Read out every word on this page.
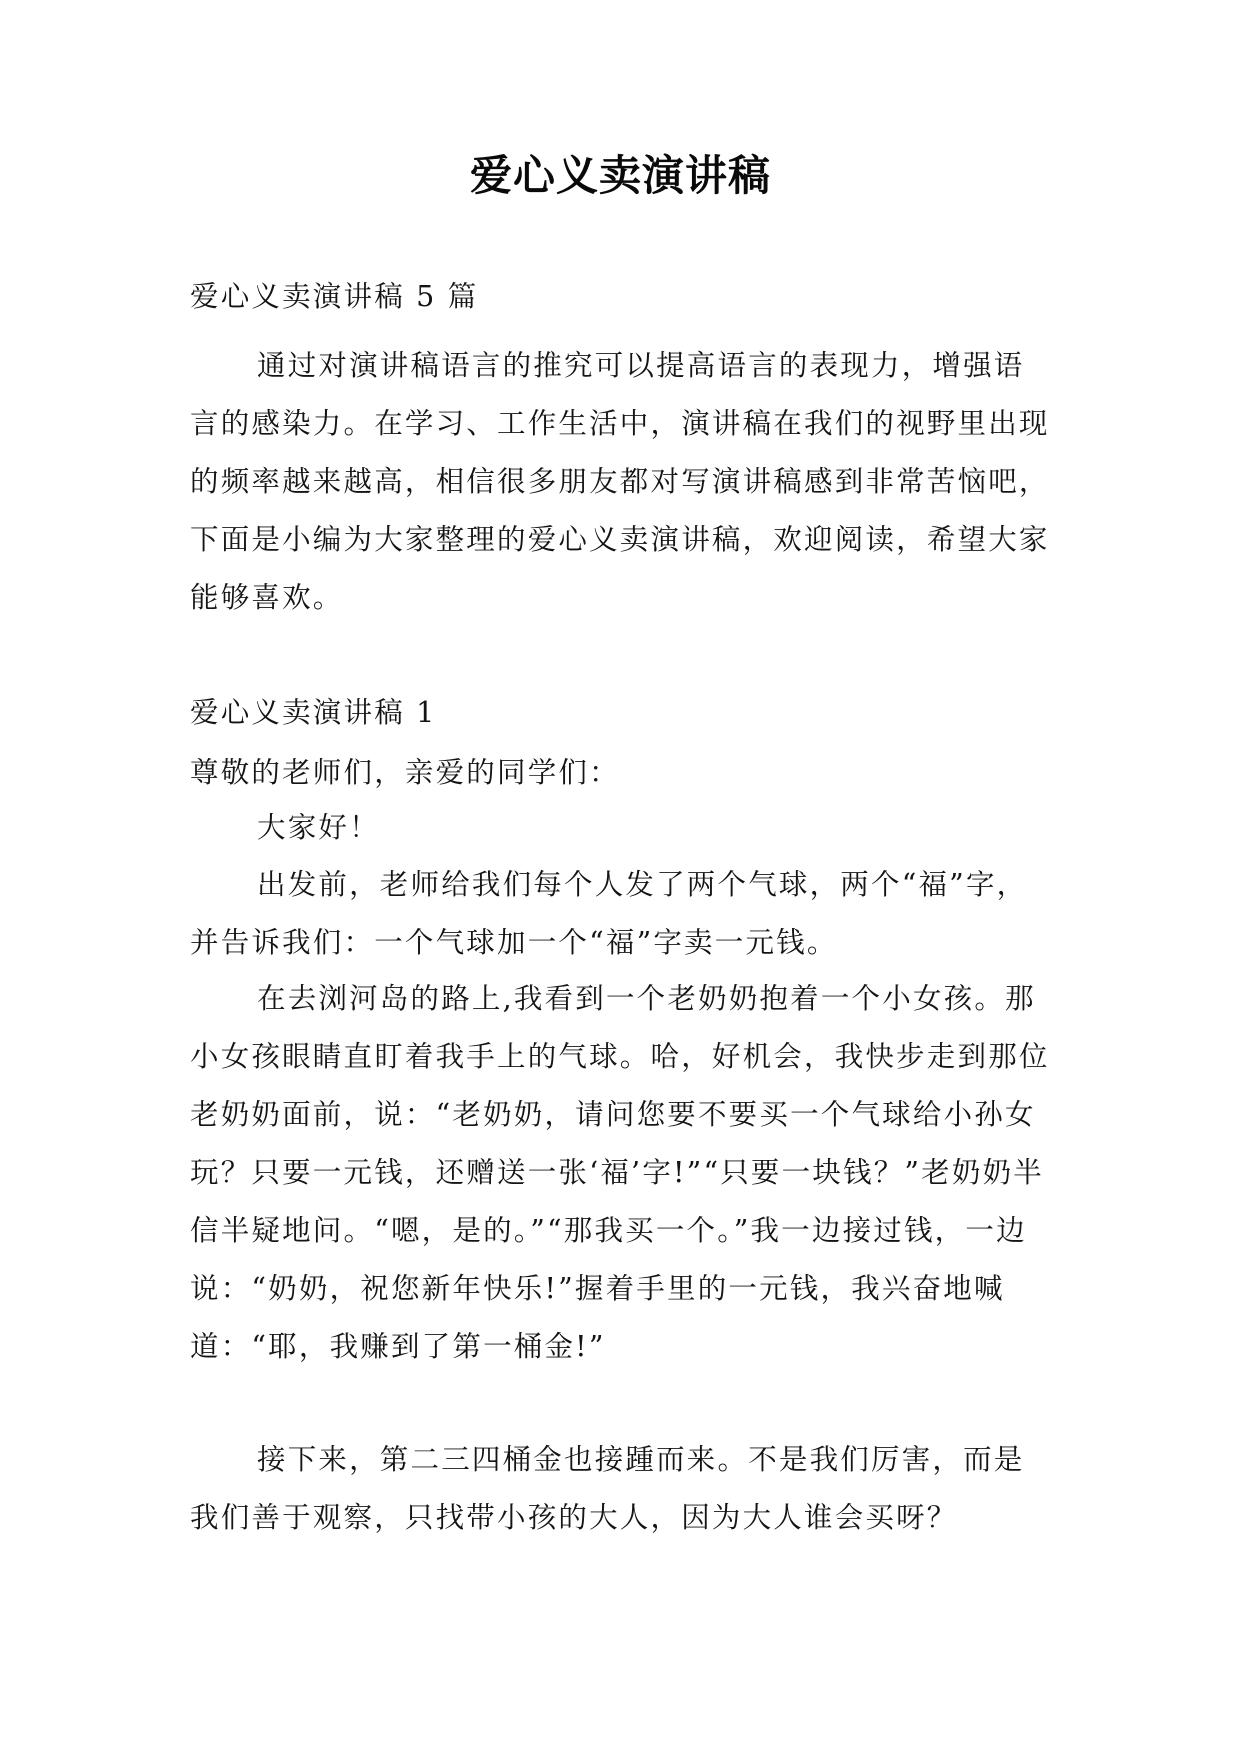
爱心义卖演讲稿
爱心义卖演讲稿 5 篇
通过对演讲稿语言的推究可以提高语言的表现力，增强语言的感染力。在学习、工作生活中，演讲稿在我们的视野里出现的频率越来越高，相信很多朋友都对写演讲稿感到非常苦恼吧，下面是小编为大家整理的爱心义卖演讲稿，欢迎阅读，希望大家能够喜欢。
爱心义卖演讲稿 1
尊敬的老师们，亲爱的同学们：
大家好！
出发前，老师给我们每个人发了两个气球，两个“福”字，并告诉我们：一个气球加一个“福”字卖一元钱。
在去浏河岛的路上,我看到一个老奶奶抱着一个小女孩。那小女孩眼睛直盯着我手上的气球。哈，好机会，我快步走到那位老奶奶面前，说：“老奶奶，请问您要不要买一个气球给小孙女玩？只要一元钱，还赠送一张‘福’字!”“只要一块钱？”老奶奶半信半疑地问。“嗯，是的。”“那我买一个。”我一边接过钱，一边说：“奶奶，祝您新年快乐!”握着手里的一元钱，我兴奋地喊道：“耶，我赚到了第一桶金!”
接下来，第二三四桶金也接踵而来。不是我们厉害，而是我们善于观察，只找带小孩的大人，因为大人谁会买呀？
